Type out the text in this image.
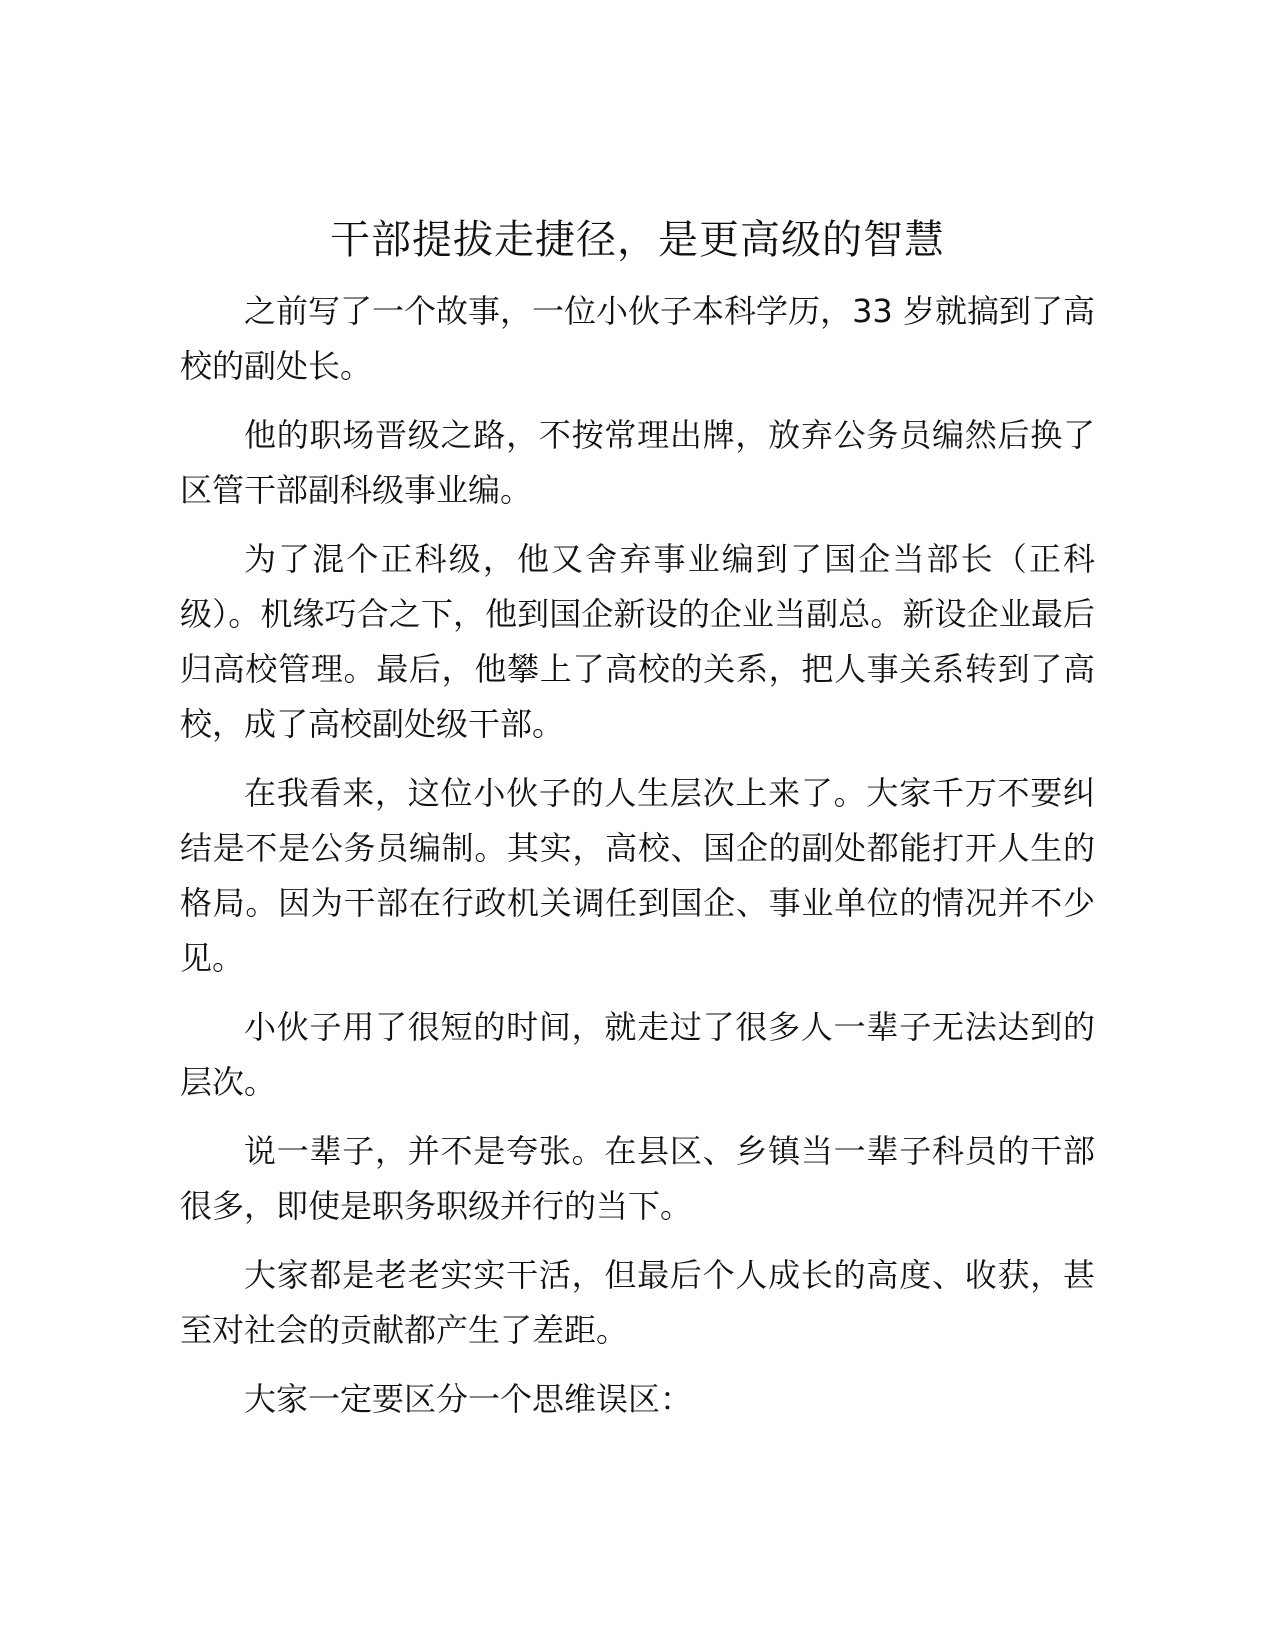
干部提拔走捷径，是更高级的智慧

之前写了一个故事，一位小伙子本科学历，33 岁就搞到了高校的副处长。

他的职场晋级之路，不按常理出牌，放弃公务员编然后换了区管干部副科级事业编。

为了混个正科级，他又舍弃事业编到了国企当部长（正科级）。机缘巧合之下，他到国企新设的企业当副总。新设企业最后归高校管理。最后，他攀上了高校的关系，把人事关系转到了高校，成了高校副处级干部。

在我看来，这位小伙子的人生层次上来了。大家千万不要纠结是不是公务员编制。其实，高校、国企的副处都能打开人生的格局。因为干部在行政机关调任到国企、事业单位的情况并不少见。

小伙子用了很短的时间，就走过了很多人一辈子无法达到的层次。

说一辈子，并不是夸张。在县区、乡镇当一辈子科员的干部很多，即使是职务职级并行的当下。

大家都是老老实实干活，但最后个人成长的高度、收获，甚至对社会的贡献都产生了差距。

大家一定要区分一个思维误区：
